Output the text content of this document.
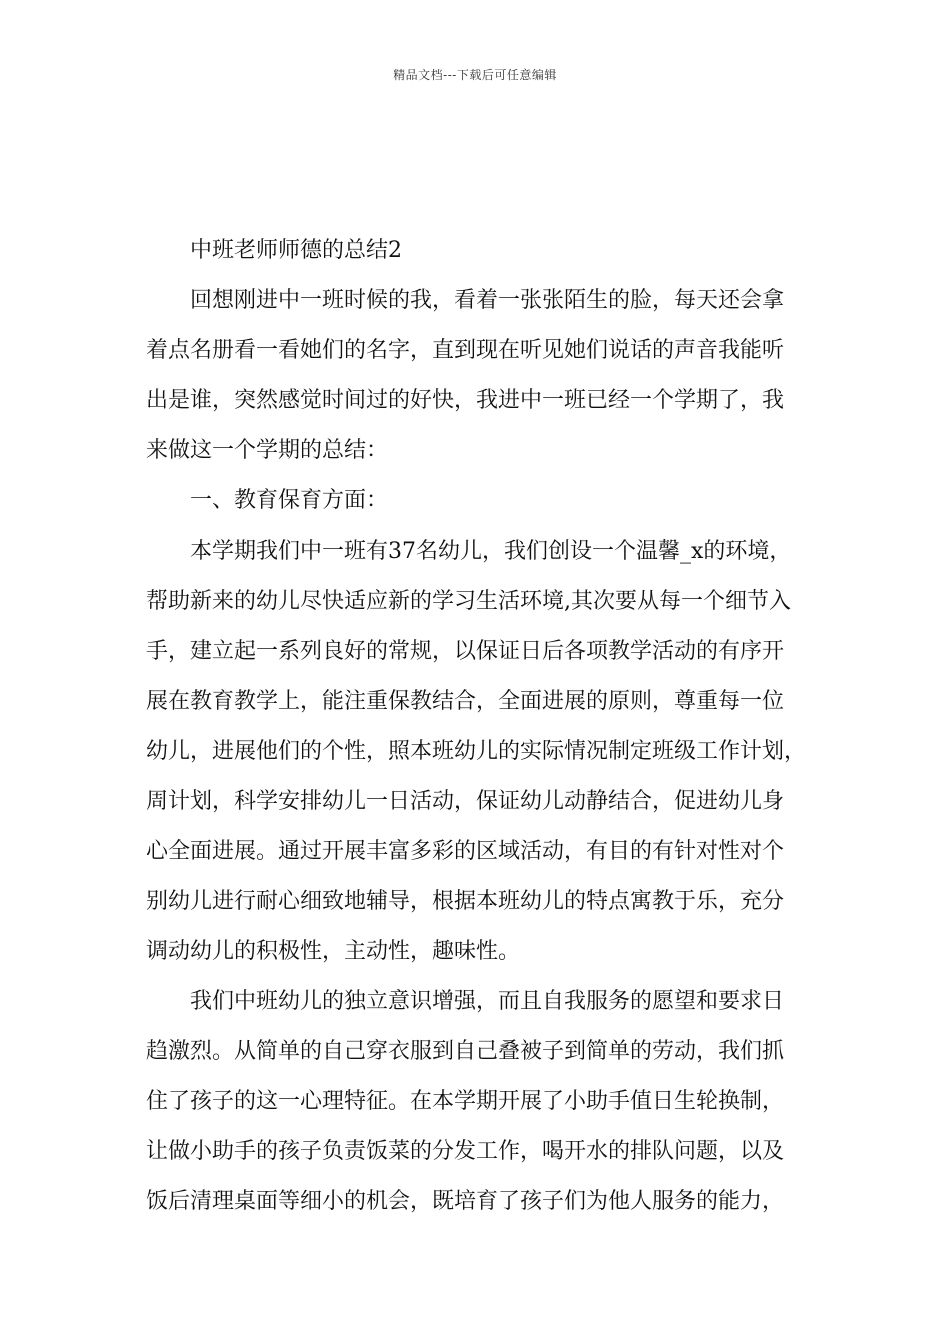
精品文档---下载后可任意编辑
中班老师师德的总结2
回想刚进中一班时候的我，看着一张张陌生的脸，每天还会拿
着点名册看一看她们的名字，直到现在听见她们说话的声音我能听
出是谁，突然感觉时间过的好快，我进中一班已经一个学期了，我
来做这一个学期的总结：
一、教育保育方面：
本学期我们中一班有37名幼儿，我们创设一个温馨_x的环境，
帮助新来的幼儿尽快适应新的学习生活环境,其次要从每一个细节入
手，建立起一系列良好的常规，以保证日后各项教学活动的有序开
展在教育教学上，能注重保教结合，全面进展的原则，尊重每一位
幼儿，进展他们的个性，照本班幼儿的实际情况制定班级工作计划，
周计划，科学安排幼儿一日活动，保证幼儿动静结合，促进幼儿身
心全面进展。通过开展丰富多彩的区域活动，有目的有针对性对个
别幼儿进行耐心细致地辅导，根据本班幼儿的特点寓教于乐，充分
调动幼儿的积极性，主动性，趣味性。
我们中班幼儿的独立意识增强，而且自我服务的愿望和要求日
趋激烈。从简单的自己穿衣服到自己叠被子到简单的劳动，我们抓
住了孩子的这一心理特征。在本学期开展了小助手值日生轮换制，
让做小助手的孩子负责饭菜的分发工作，喝开水的排队问题，以及
饭后清理桌面等细小的机会，既培育了孩子们为他人服务的能力，
